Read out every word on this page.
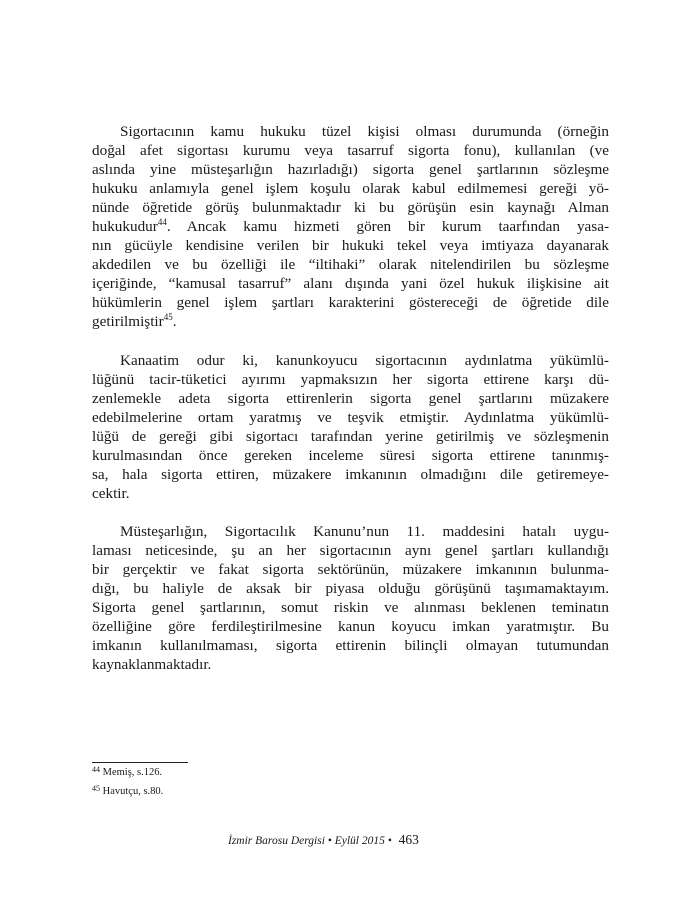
Sigortacının kamu hukuku tüzel kişisi olması durumunda (örneğin
doğal afet sigortası kurumu veya tasarruf sigorta fonu), kullanılan (ve
aslında yine müsteşarlığın hazırladığı) sigorta genel şartlarının sözleşme
hukuku anlamıyla genel işlem koşulu olarak kabul edilmemesi gereği yö-
nünde öğretide görüş bulunmaktadır ki bu görüşün esin kaynağı Alman
hukukudur$^{44}$. Ancak kamu hizmeti gören bir kurum taarfından yasa-
nın gücüyle kendisine verilen bir hukuki tekel veya imtiyaza dayanarak
akdedilen ve bu özelliği ile “iltihaki” olarak nitelendirilen bu sözleşme
içeriğinde, “kamusal tasarruf” alanı dışında yani özel hukuk ilişkisine ait
hükümlerin genel işlem şartları karakterini göstereceği de öğretide dile
getirilmiştir$^{45}$.
Kanaatim odur ki, kanunkoyucu sigortacının aydınlatma yükümlü-
lüğünü tacir-tüketici ayırımı yapmaksızın her sigorta ettirene karşı dü-
zenlemekle adeta sigorta ettirenlerin sigorta genel şartlarını müzakere
edebilmelerine ortam yaratmış ve teşvik etmiştir. Aydınlatma yükümlü-
lüğü de gereği gibi sigortacı tarafından yerine getirilmiş ve sözleşmenin
kurulmasından önce gereken inceleme süresi sigorta ettirene tanınmış-
sa, hala sigorta ettiren, müzakere imkanının olmadığını dile getiremeye-
cektir.
Müsteşarlığın, Sigortacılık Kanunu’nun 11. maddesini hatalı uygu-
laması neticesinde, şu an her sigortacının aynı genel şartları kullandığı
bir gerçektir ve fakat sigorta sektörünün, müzakere imkanının bulunma-
dığı, bu haliyle de aksak bir piyasa olduğu görüşünü taşımamaktayım.
Sigorta genel şartlarının, somut riskin ve alınması beklenen teminatın
özelliğine göre ferdileştirilmesine kanun koyucu imkan yaratmıştır. Bu
imkanın kullanılmaması, sigorta ettirenin bilinçli olmayan tutumundan
kaynaklanmaktadır.
$^{44}$ Memiş, s.126.
$^{45}$ Havutçu, s.80.
İzmir Barosu Dergisi • Eylül 2015 • 463
